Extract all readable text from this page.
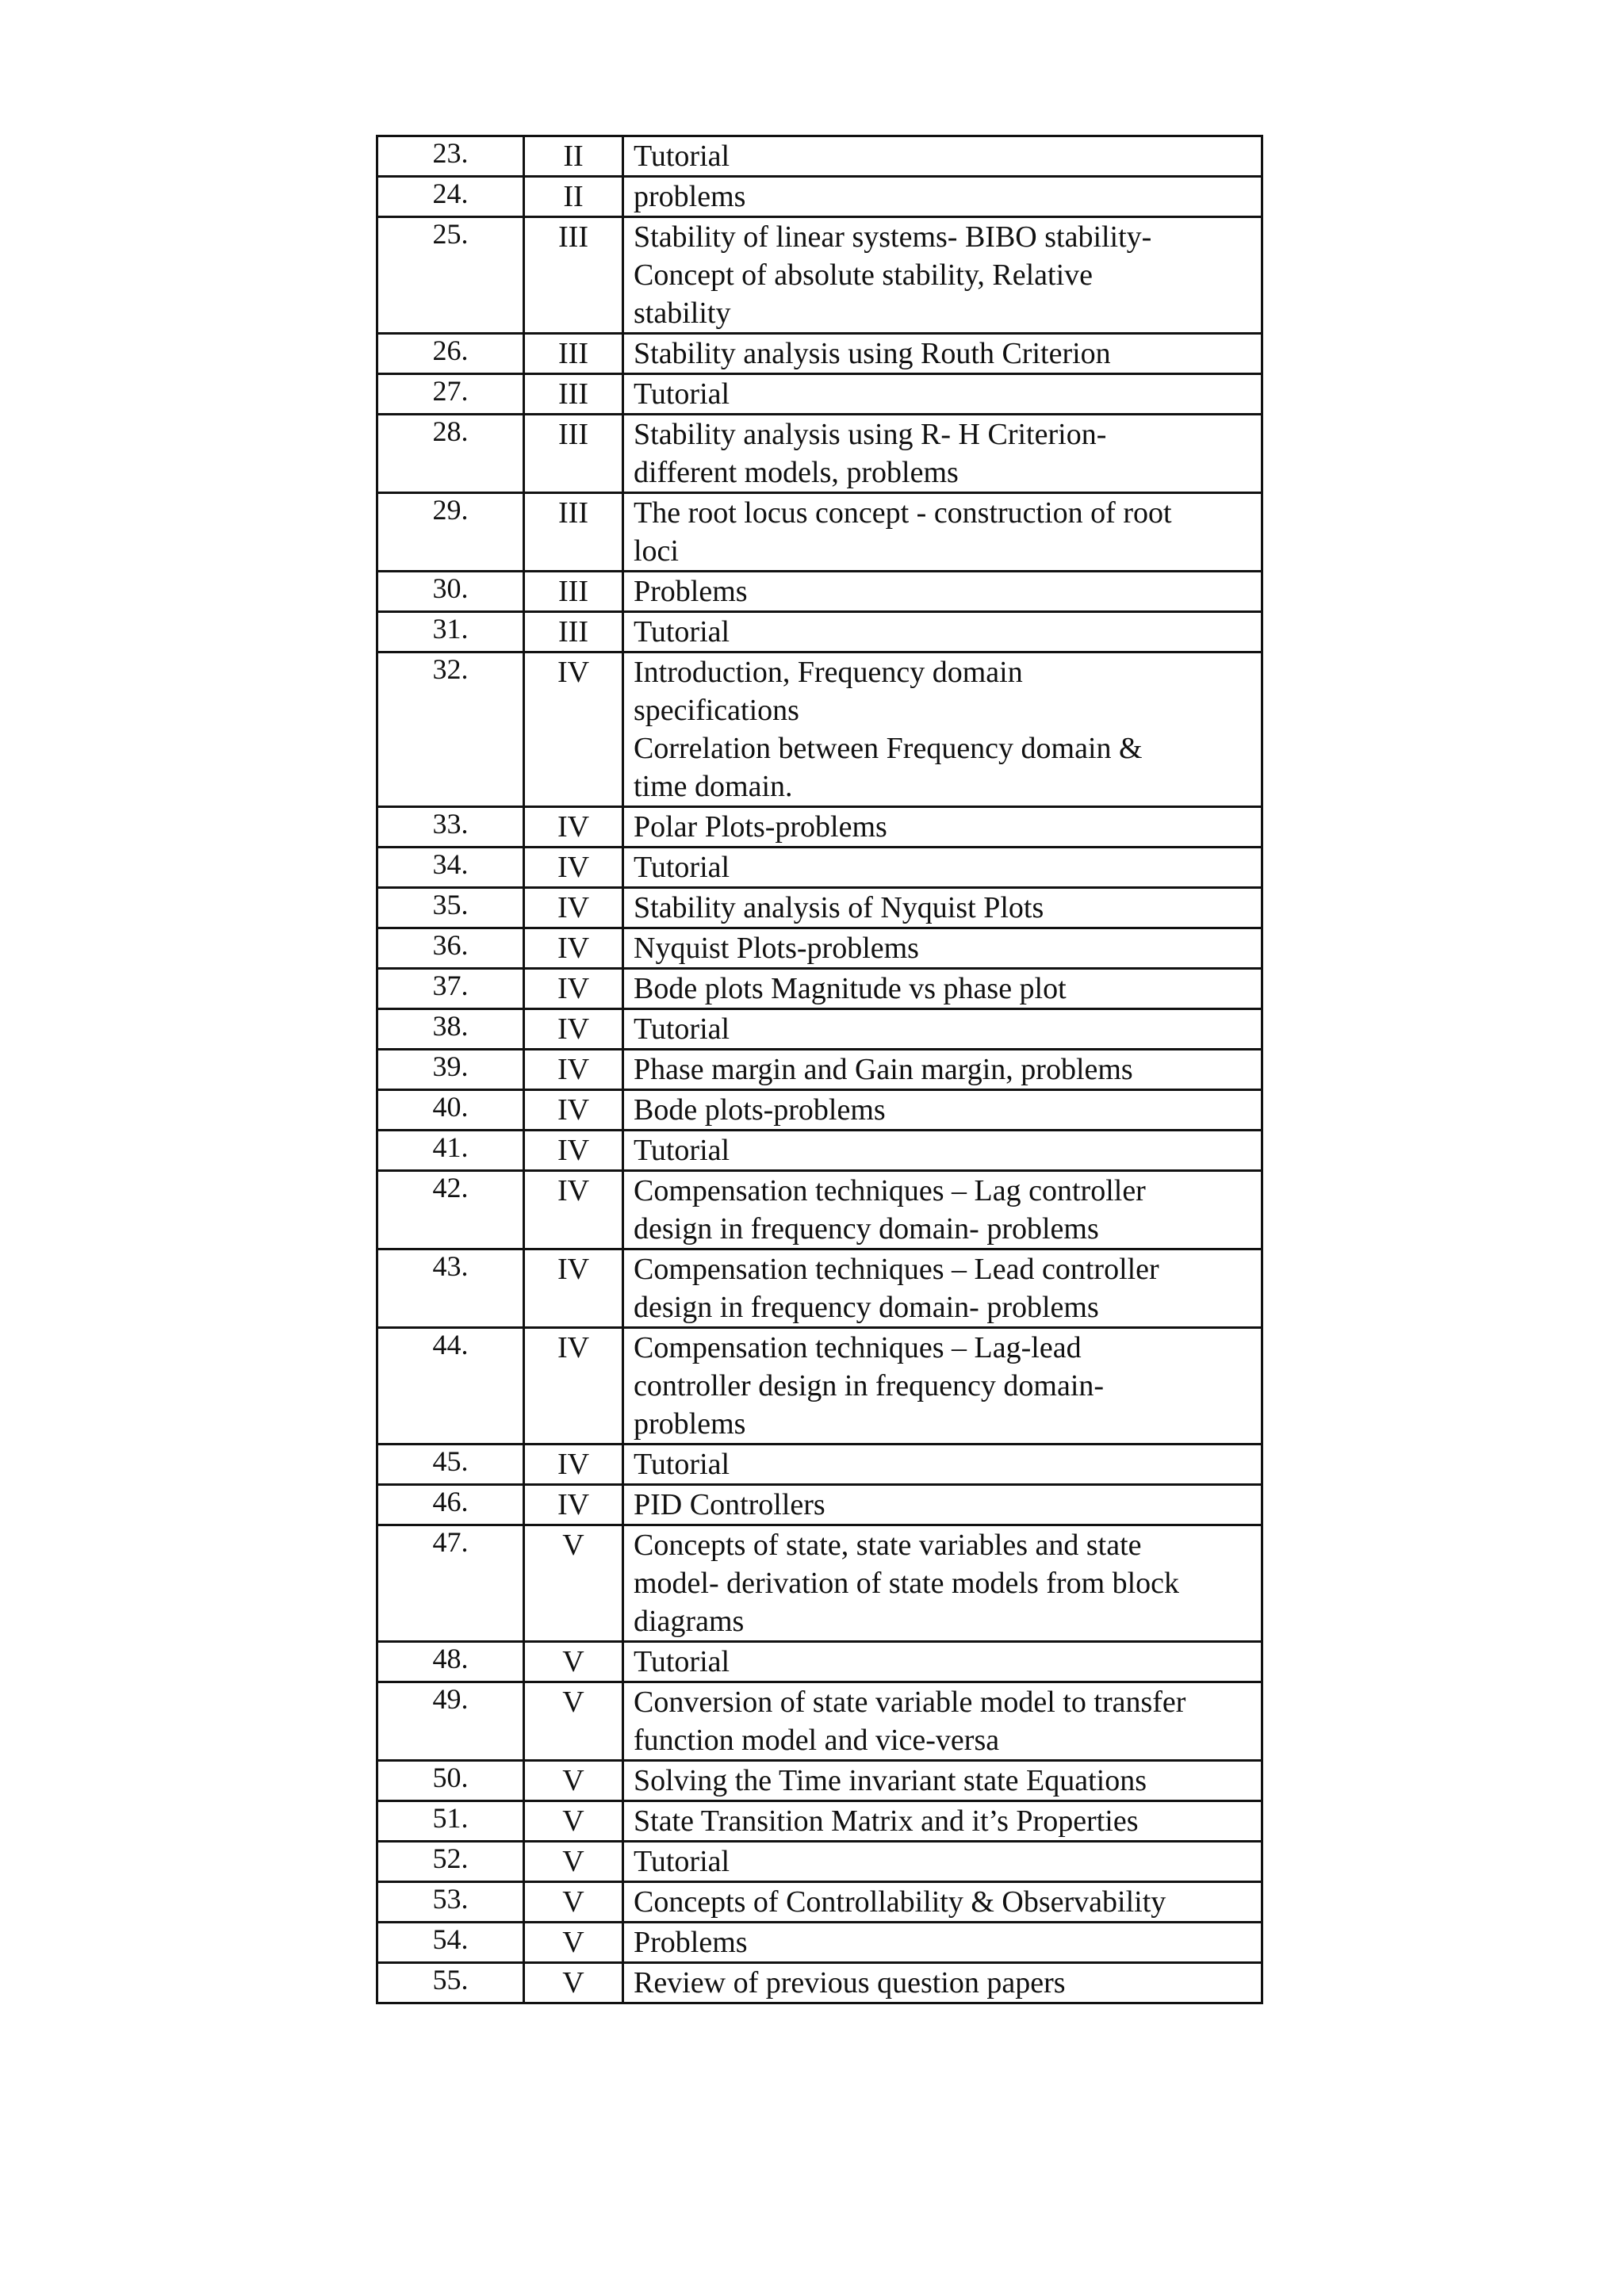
23.	II	Tutorial
24.	II	problems
25.	III	Stability of linear systems- BIBO stability-
Concept of absolute stability, Relative
stability
26.	III	Stability analysis using Routh Criterion
27.	III	Tutorial
28.	III	Stability analysis using R- H Criterion-
different models, problems
29.	III	The root locus concept - construction of root
loci
30.	III	Problems
31.	III	Tutorial
32.	IV	Introduction, Frequency domain
specifications
Correlation between Frequency domain &
time domain.
33.	IV	Polar Plots-problems
34.	IV	Tutorial
35.	IV	Stability analysis of Nyquist Plots
36.	IV	Nyquist Plots-problems
37.	IV	Bode plots Magnitude vs phase plot
38.	IV	Tutorial
39.	IV	Phase margin and Gain margin, problems
40.	IV	Bode plots-problems
41.	IV	Tutorial
42.	IV	Compensation techniques – Lag controller
design in frequency domain- problems
43.	IV	Compensation techniques – Lead controller
design in frequency domain- problems
44.	IV	Compensation techniques – Lag-lead
controller design in frequency domain-
problems
45.	IV	Tutorial
46.	IV	PID Controllers
47.	V	Concepts of state, state variables and state
model- derivation of state models from block
diagrams
48.	V	Tutorial
49.	V	Conversion of state variable model to transfer
function model and vice-versa
50.	V	Solving the Time invariant state Equations
51.	V	State Transition Matrix and it’s Properties
52.	V	Tutorial
53.	V	Concepts of Controllability & Observability
54.	V	Problems
55.	V	Review of previous question papers
